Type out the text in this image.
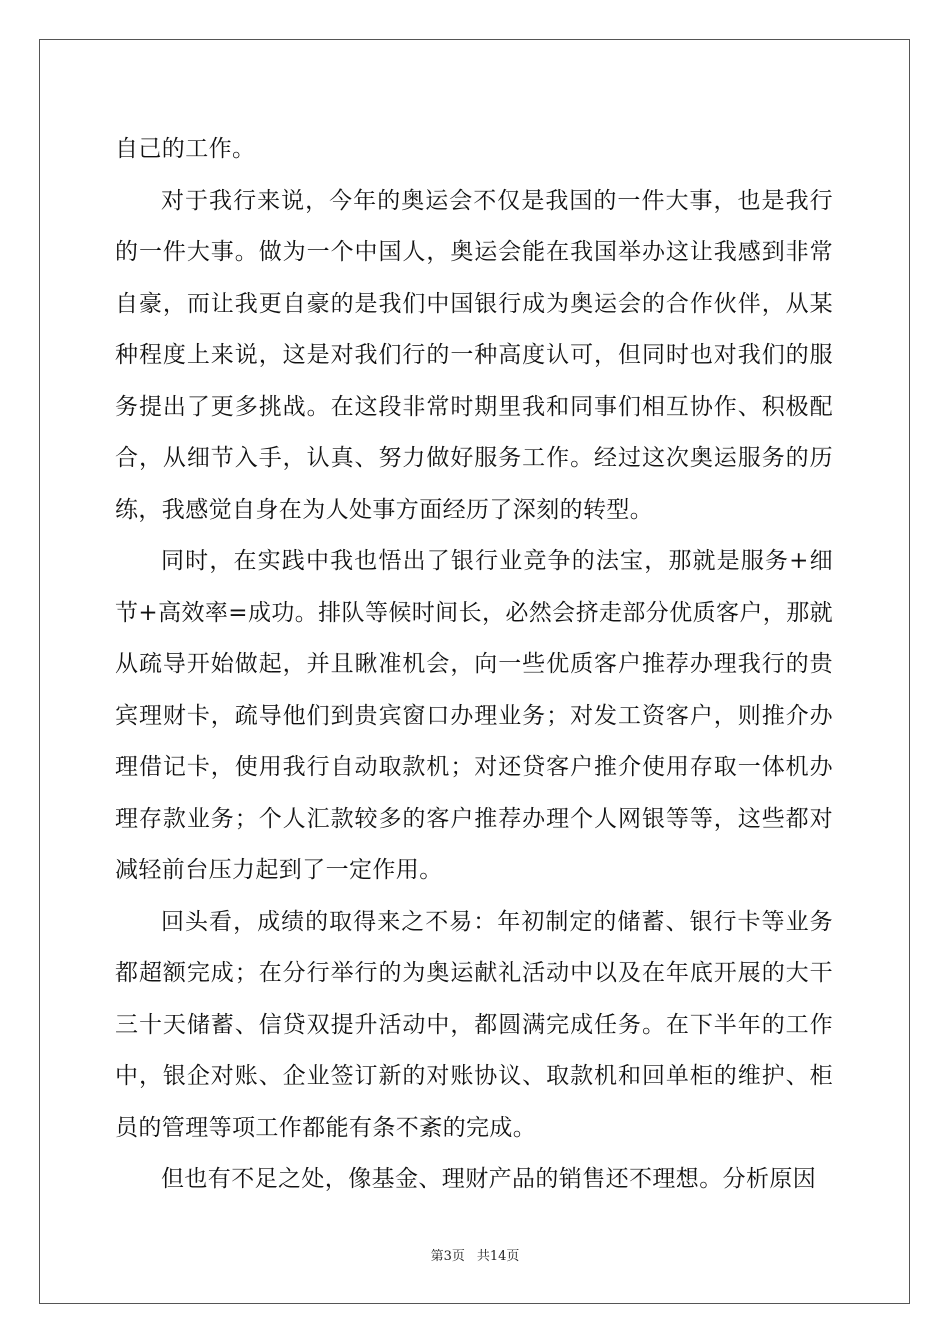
自己的工作。

对于我行来说，今年的奥运会不仅是我国的一件大事，也是我行的一件大事。做为一个中国人，奥运会能在我国举办这让我感到非常自豪，而让我更自豪的是我们中国银行成为奥运会的合作伙伴，从某种程度上来说，这是对我们行的一种高度认可，但同时也对我们的服务提出了更多挑战。在这段非常时期里我和同事们相互协作、积极配合，从细节入手，认真、努力做好服务工作。经过这次奥运服务的历练，我感觉自身在为人处事方面经历了深刻的转型。

同时，在实践中我也悟出了银行业竞争的法宝，那就是服务+细节+高效率=成功。排队等候时间长，必然会挤走部分优质客户，那就从疏导开始做起，并且瞅准机会，向一些优质客户推荐办理我行的贵宾理财卡，疏导他们到贵宾窗口办理业务；对发工资客户，则推介办理借记卡，使用我行自动取款机；对还贷客户推介使用存取一体机办理存款业务；个人汇款较多的客户推荐办理个人网银等等，这些都对减轻前台压力起到了一定作用。

回头看，成绩的取得来之不易：年初制定的储蓄、银行卡等业务都超额完成；在分行举行的为奥运献礼活动中以及在年底开展的大干三十天储蓄、信贷双提升活动中，都圆满完成任务。在下半年的工作中，银企对账、企业签订新的对账协议、取款机和回单柜的维护、柜员的管理等项工作都能有条不紊的完成。

但也有不足之处，像基金、理财产品的销售还不理想。分析原因

第3页 共14页
